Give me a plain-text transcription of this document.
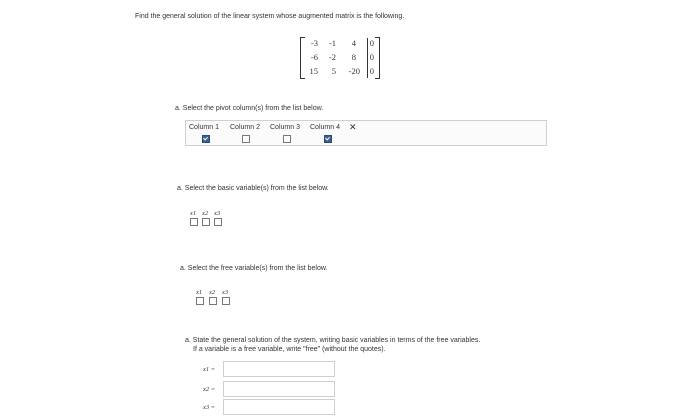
Find the general solution of the linear system whose augmented matrix is the following.
-3	-1	4	0
-6	-2	8	0
15	5	-20	0
a. Select the pivot column(s) from the list below.
Column 1 Column 2 Column 3 Column 4 ✕
a. Select the basic variable(s) from the list below.
x1 x2 x3
a. Select the free variable(s) from the list below.
x1 x2 x3
a. State the general solution of the system, writing basic variables in terms of the free variables.
If a variable is a free variable, write "free" (without the quotes).
x1 =
x2 =
x3 =
